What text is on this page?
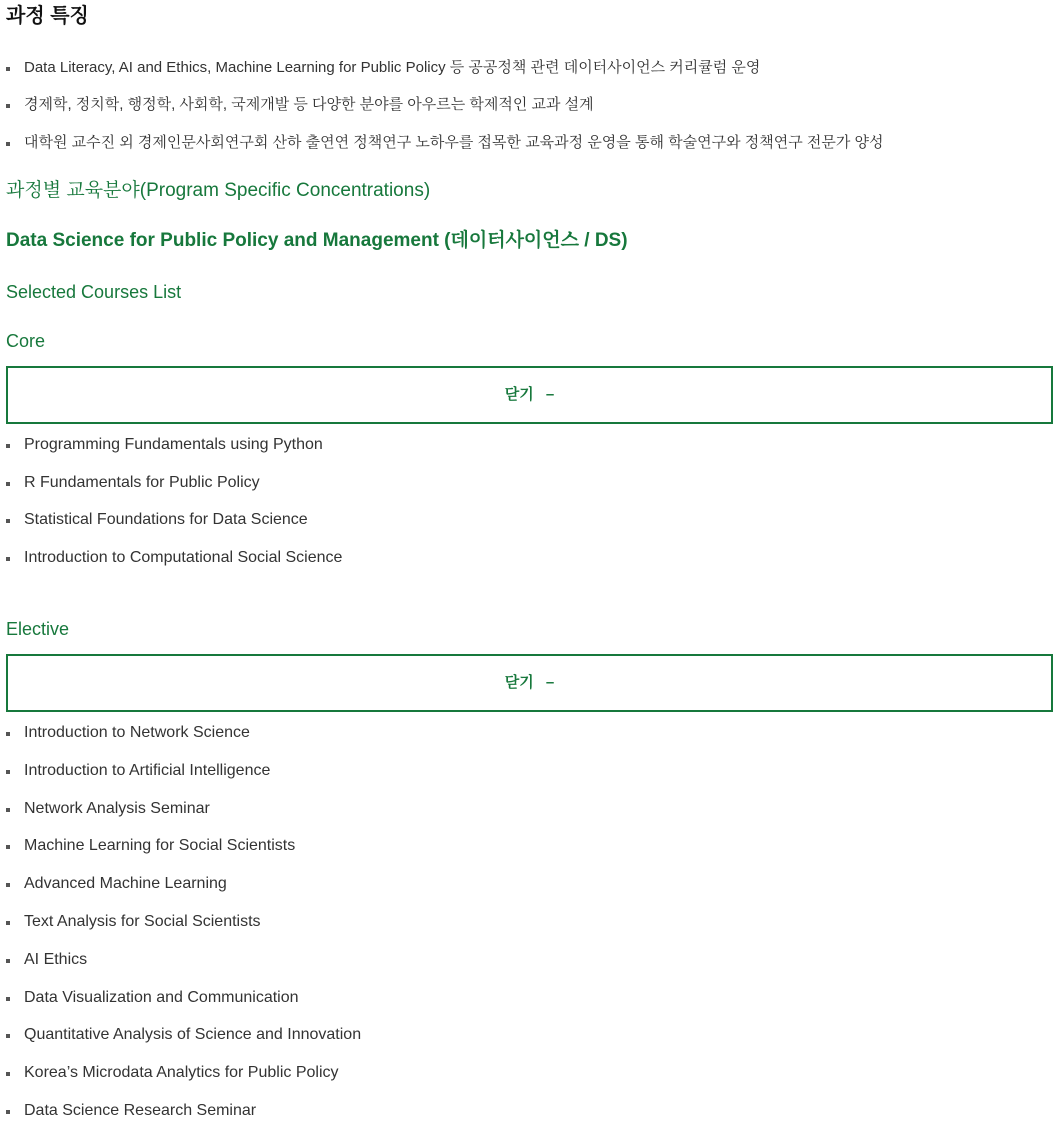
과정 특징
Data Literacy, AI and Ethics, Machine Learning for Public Policy 등 공공정책 관련 데이터사이언스 커리큘럼 운영
경제학, 정치학, 행정학, 사회학, 국제개발 등 다양한 분야를 아우르는 학제적인 교과 설계
대학원 교수진 외 경제인문사회연구회 산하 출연연 정책연구 노하우를 접목한 교육과정 운영을 통해 학술연구와 정책연구 전문가 양성
과정별 교육분야(Program Specific Concentrations)
Data Science for Public Policy and Management (데이터사이언스 / DS)
Selected Courses List
Core
닫기 –
Programming Fundamentals using Python
R Fundamentals for Public Policy
Statistical Foundations for Data Science
Introduction to Computational Social Science
Elective
닫기 –
Introduction to Network Science
Introduction to Artificial Intelligence
Network Analysis Seminar
Machine Learning for Social Scientists
Advanced Machine Learning
Text Analysis for Social Scientists
AI Ethics
Data Visualization and Communication
Quantitative Analysis of Science and Innovation
Korea’s Microdata Analytics for Public Policy
Data Science Research Seminar
